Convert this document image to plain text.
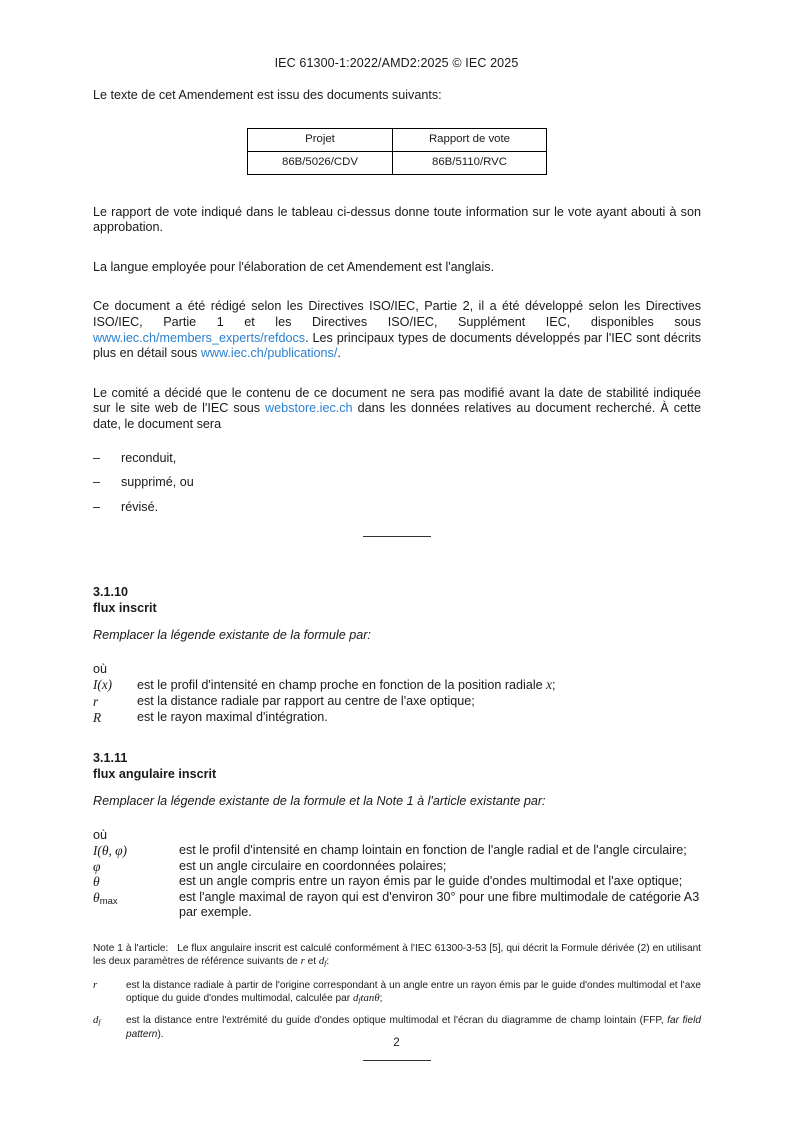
IEC 61300-1:2022/AMD2:2025 © IEC 2025

Le texte de cet Amendement est issu des documents suivants:

Projet	Rapport de vote
86B/5026/CDV	86B/5110/RVC

Le rapport de vote indiqué dans le tableau ci-dessus donne toute information sur le vote ayant abouti à son approbation.

La langue employée pour l'élaboration de cet Amendement est l'anglais.

Ce document a été rédigé selon les Directives ISO/IEC, Partie 2, il a été développé selon les Directives ISO/IEC, Partie 1 et les Directives ISO/IEC, Supplément IEC, disponibles sous www.iec.ch/members_experts/refdocs. Les principaux types de documents développés par l'IEC sont décrits plus en détail sous www.iec.ch/publications/.

Le comité a décidé que le contenu de ce document ne sera pas modifié avant la date de stabilité indiquée sur le site web de l'IEC sous webstore.iec.ch dans les données relatives au document recherché. À cette date, le document sera

–	reconduit,
–	supprimé, ou
–	révisé.
3.1.10
flux inscrit
Remplacer la légende existante de la formule par:
où
I(x)	est le profil d'intensité en champ proche en fonction de la position radiale x;
r	est la distance radiale par rapport au centre de l'axe optique;
R	est le rayon maximal d'intégration.
3.1.11
flux angulaire inscrit
Remplacer la légende existante de la formule et la Note 1 à l'article existante par:
où
I(θ, φ)	est le profil d'intensité en champ lointain en fonction de l'angle radial et de l'angle circulaire;
φ	est un angle circulaire en coordonnées polaires;
θ	est un angle compris entre un rayon émis par le guide d'ondes multimodal et l'axe optique;
$\theta_{max}$	est l'angle maximal de rayon qui est d'environ 30° pour une fibre multimodale de catégorie A3 par exemple.
Note 1 à l'article: Le flux angulaire inscrit est calculé conformément à l'IEC 61300-3-53 [5], qui décrit la Formule dérivée (2) en utilisant les deux paramètres de référence suivants de r et df:
r	est la distance radiale à partir de l'origine correspondant à un angle entre un rayon émis par le guide d'ondes multimodal et l'axe optique du guide d'ondes multimodal, calculée par dftanθ;
df	est la distance entre l'extrémité du guide d'ondes optique multimodal et l'écran du diagramme de champ lointain (FFP, far field pattern).
2
